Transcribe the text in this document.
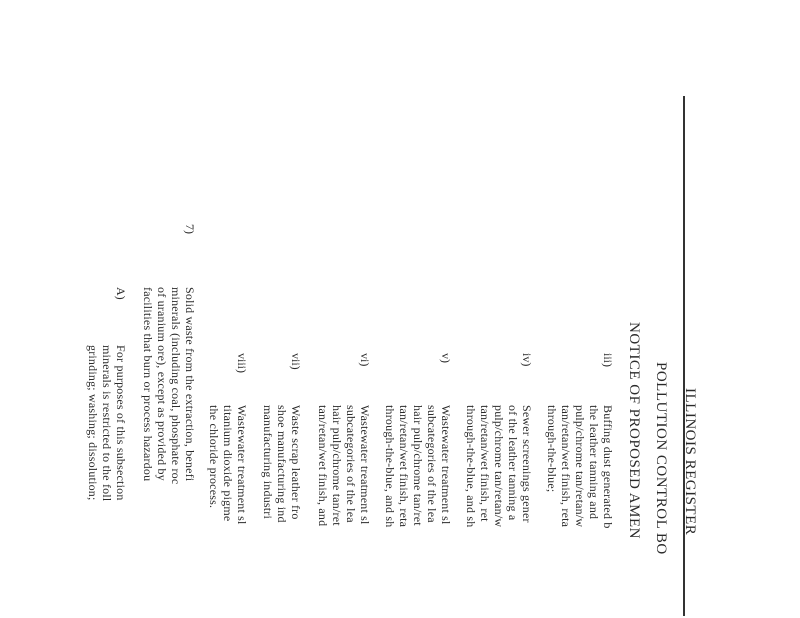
ILLINOIS REGISTER
POLLUTION CONTROL BO
NOTICE OF PROPOSED AMEN
iii)
Buffing dust generated b
the leather tanning and
pulp/chrome tan/retan/w
tan/retan/wet finish, reta
through-the-blue;
iv)
Sewer screenings gener
of the leather tanning a
pulp/chrome tan/retan/w
tan/retan/wet finish, ret
through-the-blue, and sh
v)
Wastewater treatment sl
subcategories of the lea
hair pulp/chrome tan/ret
tan/retan/wet finish, reta
through-the-blue, and sh
vi)
Wastewater treatment sl
subcategories of the lea
hair pulp/chrome tan/ret
tan/retan/wet finish, and
vii)
Waste scrap leather fro
shoe manufacturing ind
manufacturing industri
viii)
Wastewater treatment sl
titanium dioxide pigme
the chloride process.
7)
Solid waste from the extraction, benefi
minerals (including coal, phosphate roc
of uranium ore), except as provided by
facilities that burn or process hazardou
A)
For purposes of this subsection
minerals is restricted to the foll
grinding; washing; dissolution;
